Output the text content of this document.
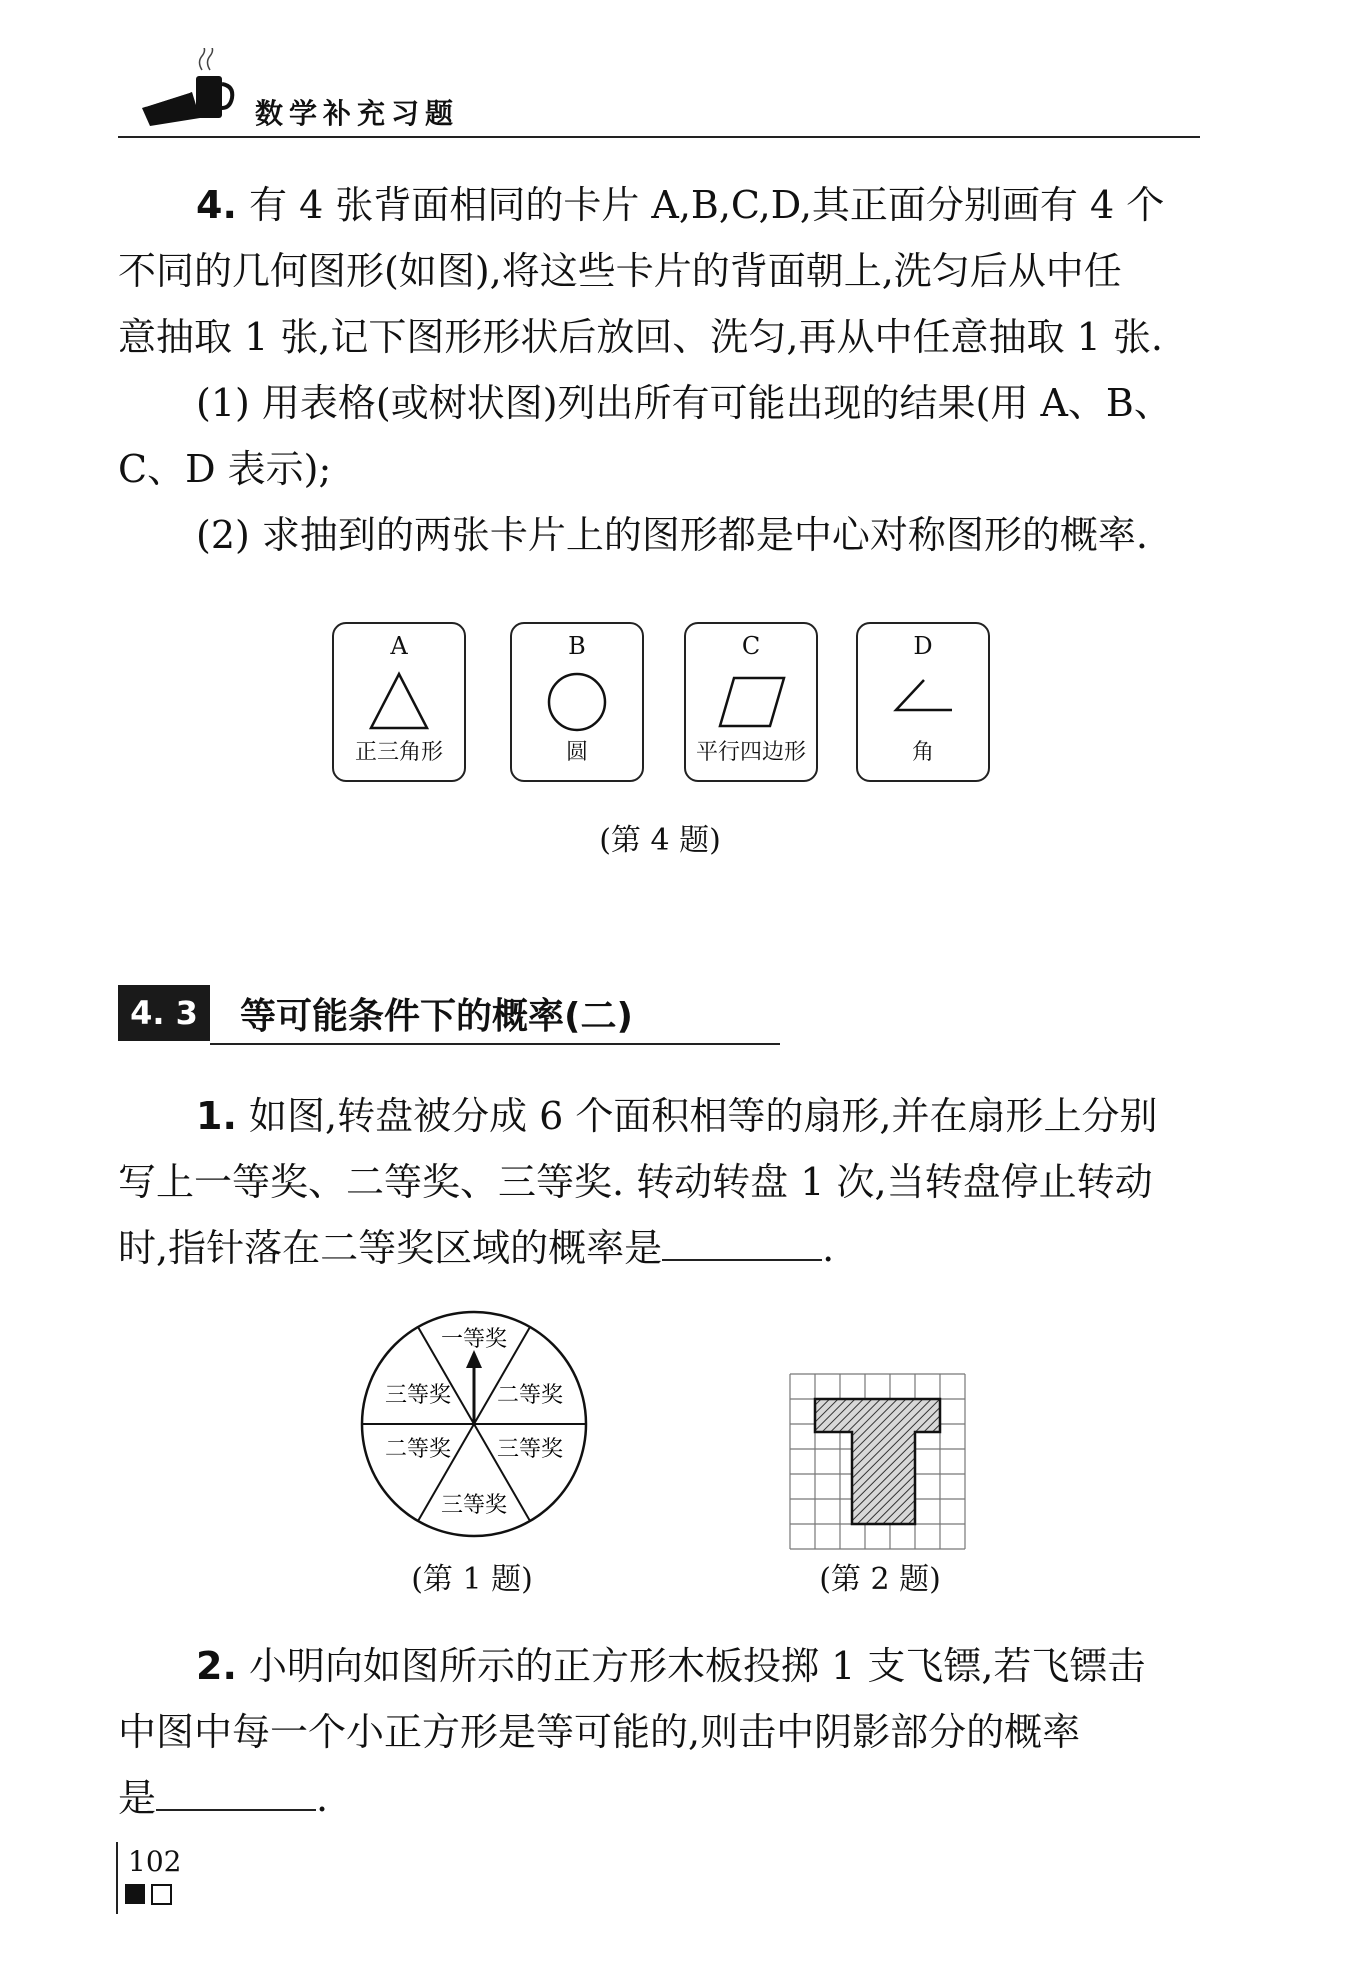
数学补充习题

4. 有 4 张背面相同的卡片 A,B,C,D,其正面分别画有 4 个

不同的几何图形(如图),将这些卡片的背面朝上,洗匀后从中任

意抽取 1 张,记下图形形状后放回、洗匀,再从中任意抽取 1 张.

(1) 用表格(或树状图)列出所有可能出现的结果(用 A、B、

C、D 表示);

(2) 求抽到的两张卡片上的图形都是中心对称图形的概率.

A
正三角形
B
圆
C
平行四边形
D
角
(第 4 题)
4. 3	等可能条件下的概率(二)

1. 如图,转盘被分成 6 个面积相等的扇形,并在扇形上分别

写上一等奖、二等奖、三等奖. 转动转盘 1 次,当转盘停止转动

时,指针落在二等奖区域的概率是	.

一等奖
二等奖
三等奖
三等奖
二等奖
三等奖
(第 1 题)	(第 2 题)

2. 小明向如图所示的正方形木板投掷 1 支飞镖,若飞镖击

中图中每一个小正方形是等可能的,则击中阴影部分的概率

是	.

102
